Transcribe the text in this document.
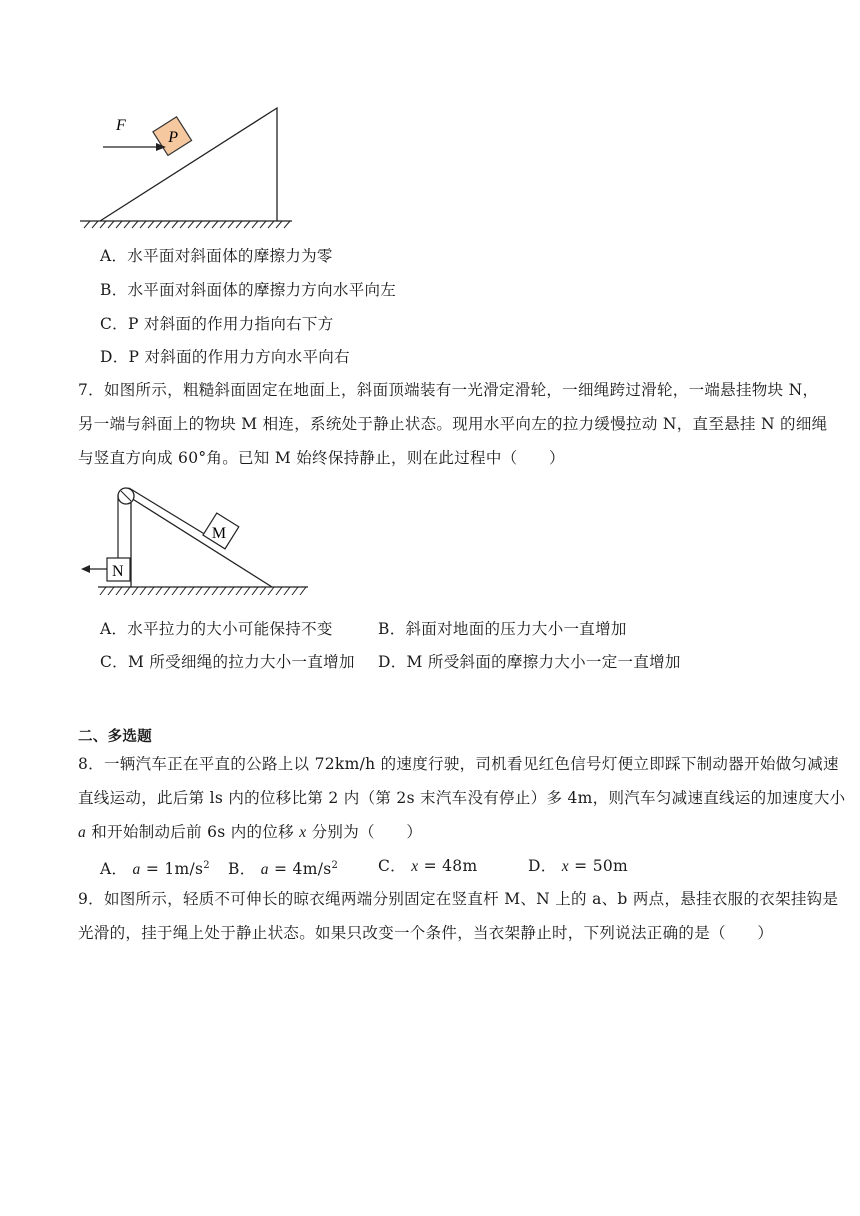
P
F
A．水平面对斜面体的摩擦力为零
B．水平面对斜面体的摩擦力方向水平向左
C．P 对斜面的作用力指向右下方
D．P 对斜面的作用力方向水平向右
7．如图所示，粗糙斜面固定在地面上，斜面顶端装有一光滑定滑轮，一细绳跨过滑轮，一端悬挂物块 N，
另一端与斜面上的物块 M 相连，系统处于静止状态。现用水平向左的拉力缓慢拉动 N，直至悬挂 N 的细绳
与竖直方向成 60°角。已知 M 始终保持静止，则在此过程中（　　）
M
N
A．水平拉力的大小可能保持不变	B．斜面对地面的压力大小一直增加
C．M 所受细绳的拉力大小一直增加 D．M 所受斜面的摩擦力大小一定一直增加
二、多选题
8．一辆汽车正在平直的公路上以 72km/h 的速度行驶，司机看见红色信号灯便立即踩下制动器开始做匀减速
直线运动，此后第 ls 内的位移比第 2 内（第 2s 末汽车没有停止）多 4m，则汽车匀减速直线运的加速度大小
a 和开始制动后前 6s 内的位移 x 分别为（　　）
A． $a = 1m/s^2$ B． $a = 4m/s^2$	C． x = 48m	D． x = 50m
9．如图所示，轻质不可伸长的晾衣绳两端分别固定在竖直杆 M、N 上的 a、b 两点，悬挂衣服的衣架挂钩是
光滑的，挂于绳上处于静止状态。如果只改变一个条件，当衣架静止时，下列说法正确的是（　　）
